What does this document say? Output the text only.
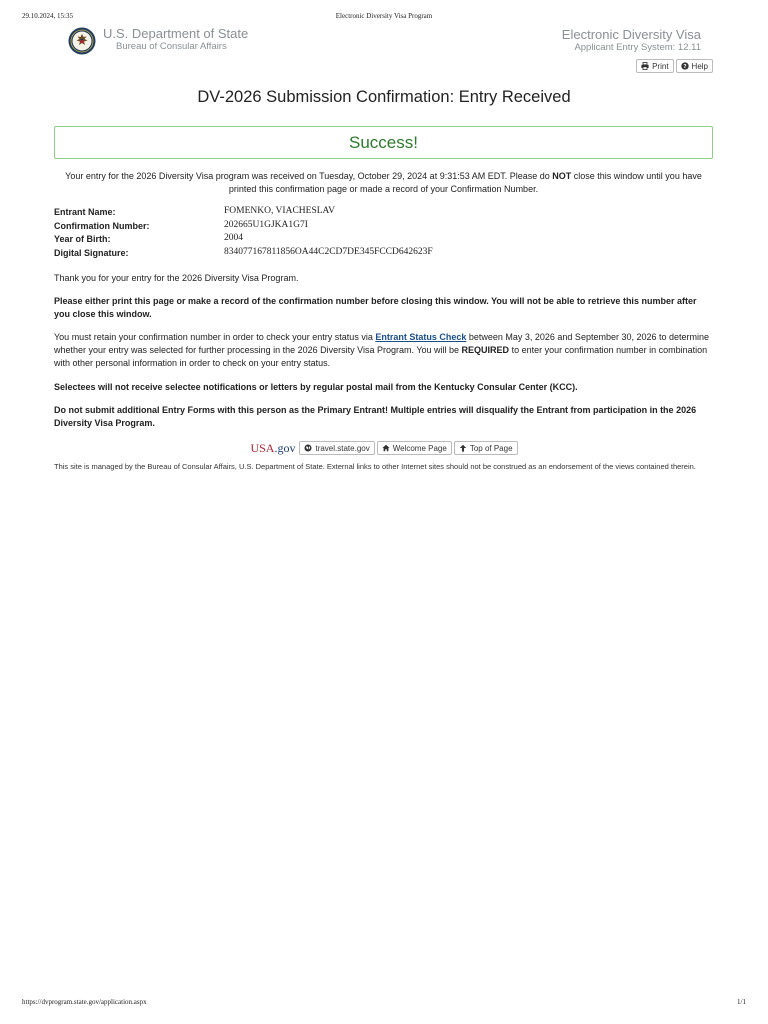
29.10.2024, 15:35	Electronic Diversity Visa Program
U.S. Department of State
Bureau of Consular Affairs
Electronic Diversity Visa
Applicant Entry System: 12.11
Print ? Help
DV-2026 Submission Confirmation: Entry Received
Success!

Your entry for the 2026 Diversity Visa program was received on Tuesday, October 29, 2024 at 9:31:53 AM EDT. Please do NOT close this window until you have printed this confirmation page or made a record of your Confirmation Number.

Entrant Name:	FOMENKO, VIACHESLAV
Confirmation Number:	202665U1GJKA1G7I
Year of Birth:	2004
Digital Signature:	834077167811856OA44C2CD7DE345FCCD642623F

Thank you for your entry for the 2026 Diversity Visa Program.

Please either print this page or make a record of the confirmation number before closing this window. You will not be able to retrieve this number after you close this window.

You must retain your confirmation number in order to check your entry status via Entrant Status Check between May 3, 2026 and September 30, 2026 to determine whether your entry was selected for further processing in the 2026 Diversity Visa Program. You will be REQUIRED to enter your confirmation number in combination with other personal information in order to check on your entry status.

Selectees will not receive selectee notifications or letters by regular postal mail from the Kentucky Consular Center (KCC).

Do not submit additional Entry Forms with this person as the Primary Entrant! Multiple entries will disqualify the Entrant from participation in the 2026 Diversity Visa Program.

USA .gov	travel.state.gov	Welcome Page	Top of Page

This site is managed by the Bureau of Consular Affairs, U.S. Department of State. External links to other Internet sites should not be construed as an endorsement of the views contained therein.

https://dvprogram.state.gov/application.aspx	1/1
